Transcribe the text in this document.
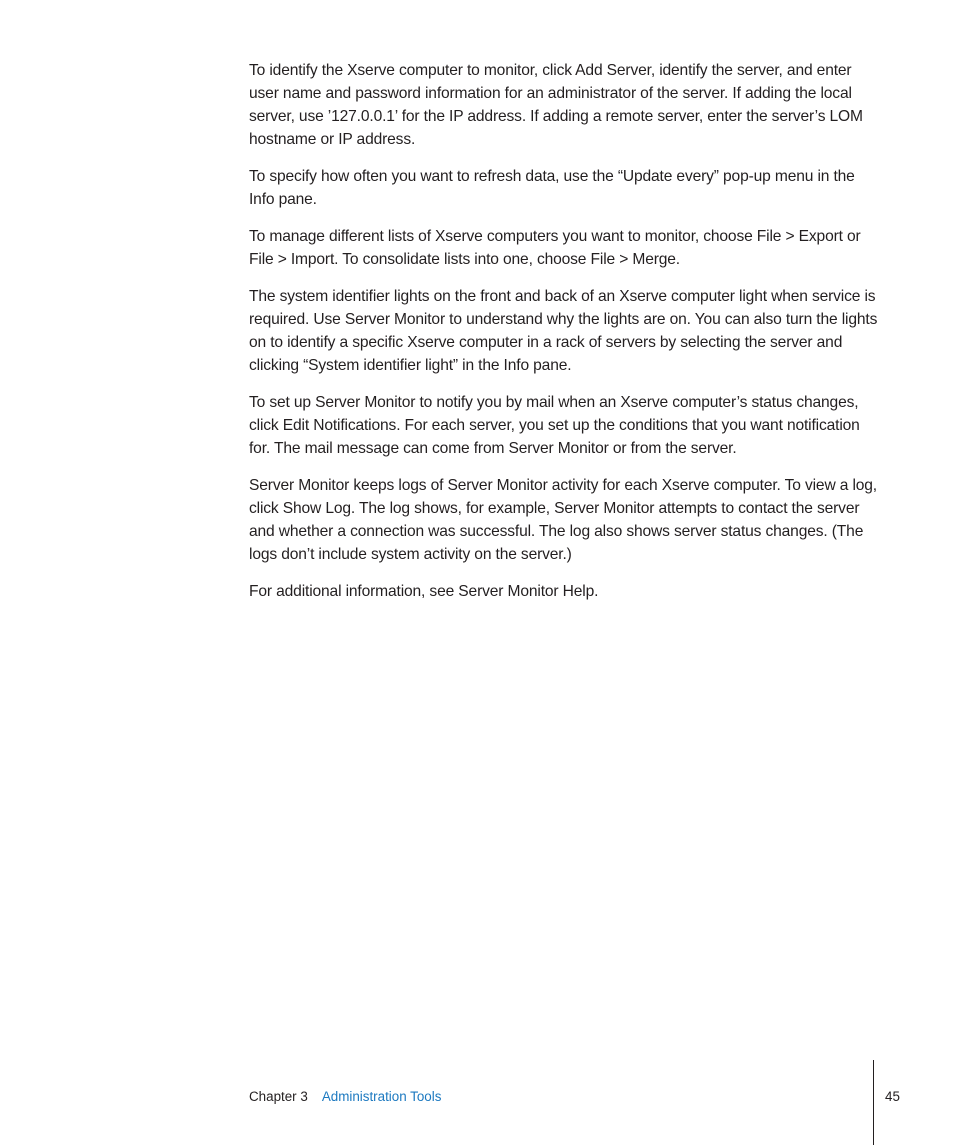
To identify the Xserve computer to monitor, click Add Server, identify the server, and enter user name and password information for an administrator of the server. If adding the local server, use ’127.0.0.1’ for the IP address. If adding a remote server, enter the server’s LOM hostname or IP address.

To specify how often you want to refresh data, use the “Update every” pop-up menu in the Info pane.

To manage different lists of Xserve computers you want to monitor, choose File > Export or File > Import. To consolidate lists into one, choose File > Merge.

The system identifier lights on the front and back of an Xserve computer light when service is required. Use Server Monitor to understand why the lights are on. You can also turn the lights on to identify a specific Xserve computer in a rack of servers by selecting the server and clicking “System identifier light” in the Info pane.

To set up Server Monitor to notify you by mail when an Xserve computer’s status changes, click Edit Notifications. For each server, you set up the conditions that you want notification for. The mail message can come from Server Monitor or from the server.

Server Monitor keeps logs of Server Monitor activity for each Xserve computer. To view a log, click Show Log. The log shows, for example, Server Monitor attempts to contact the server and whether a connection was successful. The log also shows server status changes. (The logs don’t include system activity on the server.)

For additional information, see Server Monitor Help.

Chapter 3 Administration Tools	45
